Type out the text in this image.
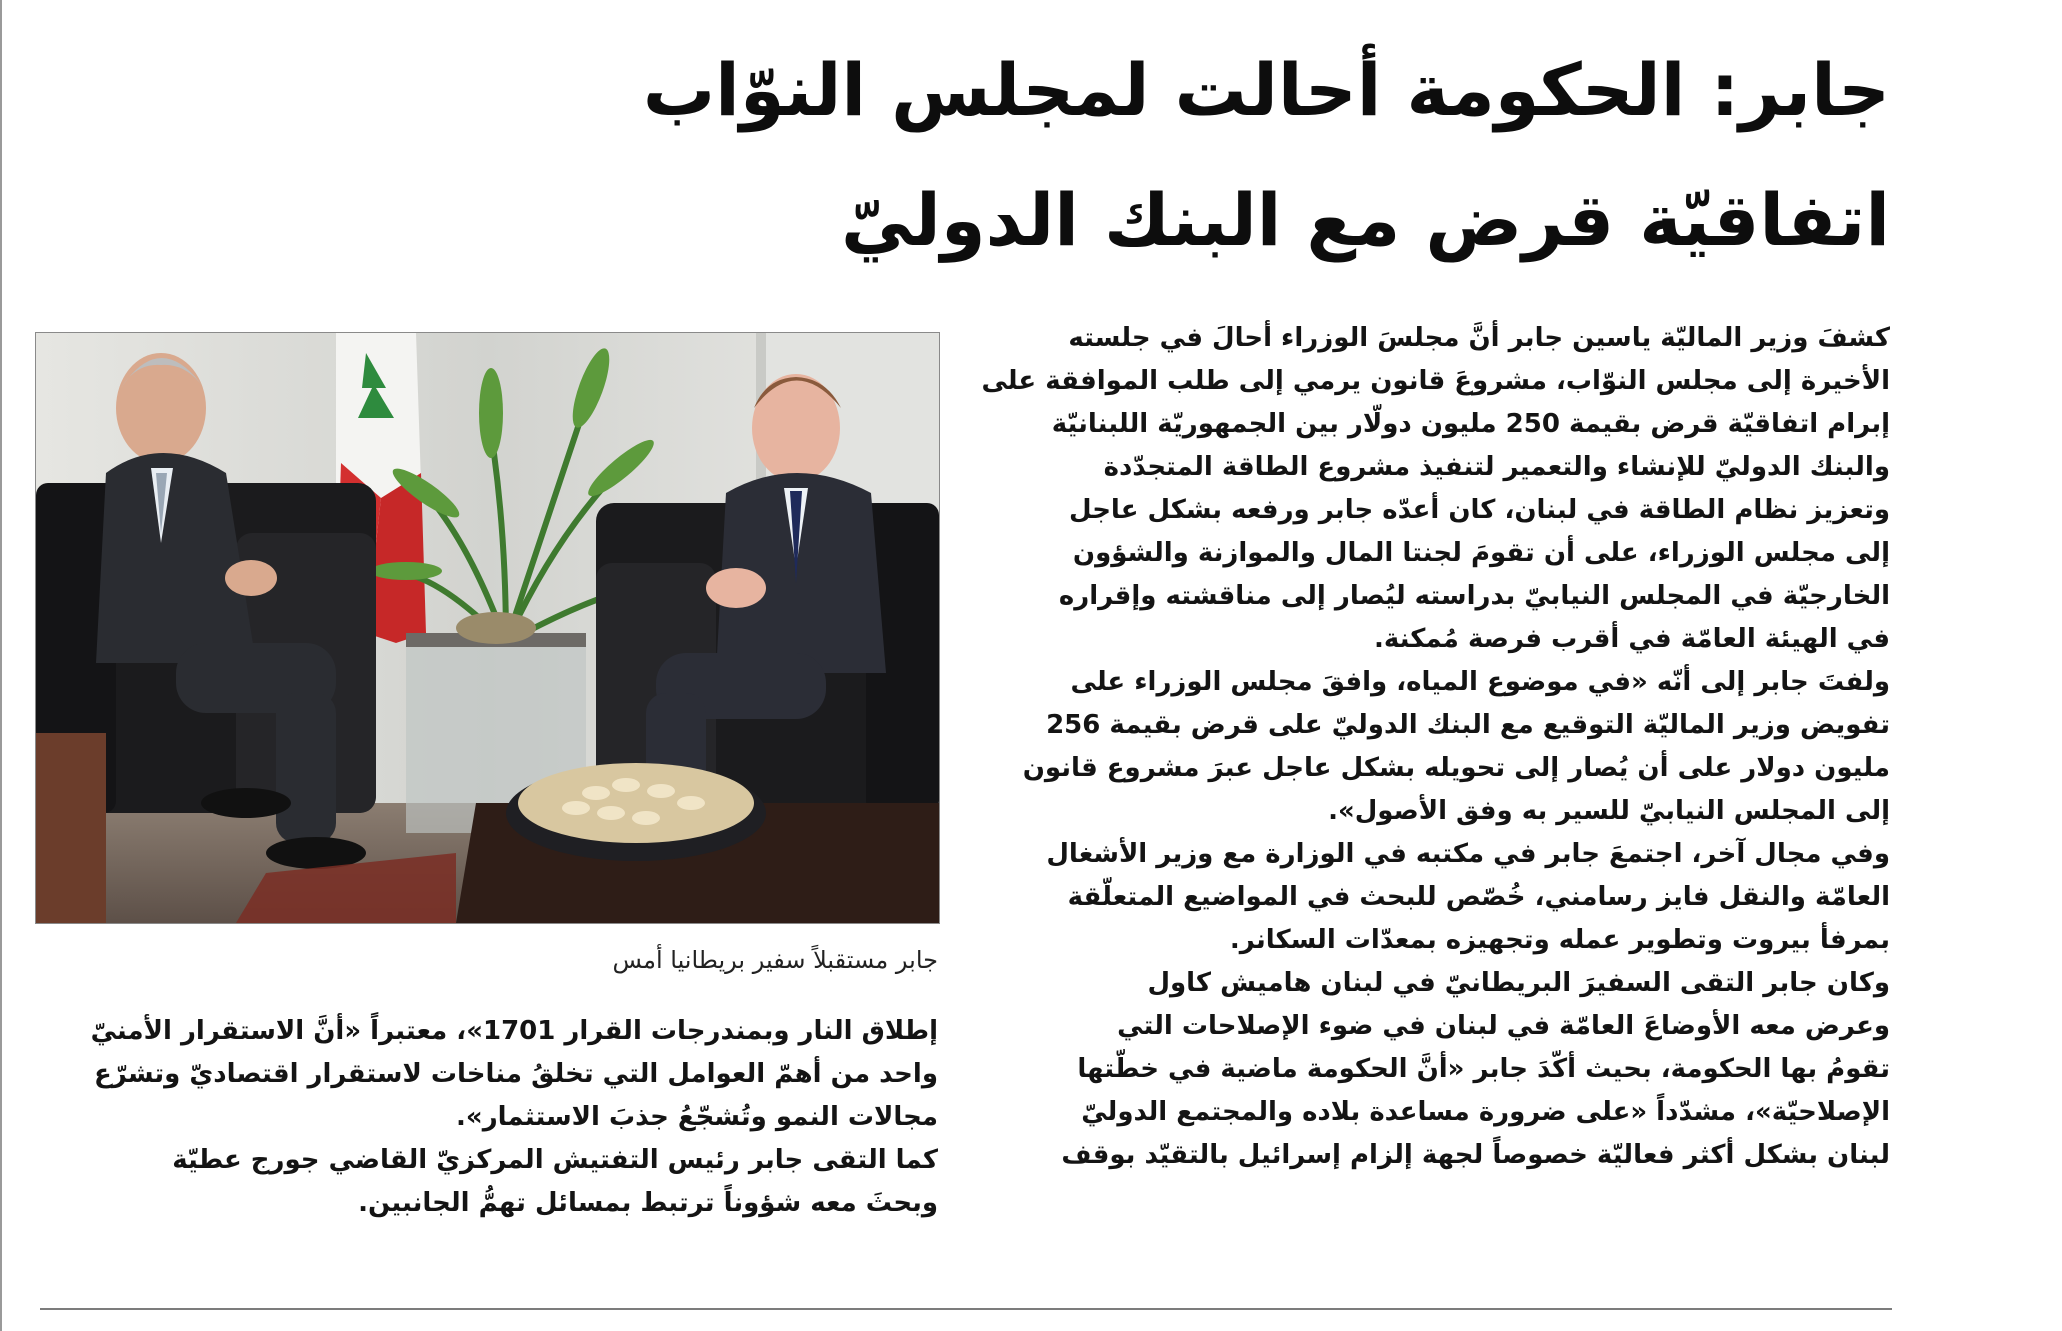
جابر: الحكومة أحالت لمجلس النوّاب
اتفاقيّة قرض مع البنك الدوليّ

كشفَ وزير الماليّة ياسين جابر أنَّ مجلسَ الوزراء أحالَ في جلسته
الأخيرة إلى مجلس النوّاب، مشروعَ قانون يرمي إلى طلب الموافقة على
إبرام اتفاقيّة قرض بقيمة 250 مليون دولّار بين الجمهوريّة اللبنانيّة
والبنك الدوليّ للإنشاء والتعمير لتنفيذ مشروع الطاقة المتجدّدة
وتعزيز نظام الطاقة في لبنان، كان أعدّه جابر ورفعه بشكل عاجل
إلى مجلس الوزراء، على أن تقومَ لجنتا المال والموازنة والشؤون
الخارجيّة في المجلس النيابيّ بدراسته ليُصار إلى مناقشته وإقراره
في الهيئة العامّة في أقرب فرصة مُمكنة.

ولفتَ جابر إلى أنّه «في موضوع المياه، وافقَ مجلس الوزراء على
تفويض وزير الماليّة التوقيع مع البنك الدوليّ على قرض بقيمة 256
مليون دولار على أن يُصار إلى تحويله بشكل عاجل عبرَ مشروع قانون
إلى المجلس النيابيّ للسير به وفق الأصول».

وفي مجال آخر، اجتمعَ جابر في مكتبه في الوزارة مع وزير الأشغال
العامّة والنقل فايز رسامني، خُصّص للبحث في المواضيع المتعلّقة
بمرفأ بيروت وتطوير عمله وتجهيزه بمعدّات السكانر.

وكان جابر التقى السفيرَ البريطانيّ في لبنان هاميش كاول
وعرض معه الأوضاعَ العامّة في لبنان في ضوء الإصلاحات التي
تقومُ بها الحكومة، بحيث أكّدَ جابر «أنَّ الحكومة ماضية في خطّتها
الإصلاحيّة»، مشدّداً «على ضرورة مساعدة بلاده والمجتمع الدوليّ
لبنان بشكل أكثر فعاليّة خصوصاً لجهة إلزام إسرائيل بالتقيّد بوقف

جابر مستقبلاً سفير بريطانيا أمس

إطلاق النار وبمندرجات القرار 1701»، معتبراً «أنَّ الاستقرار الأمنيّ
واحد من أهمّ العوامل التي تخلقُ مناخات لاستقرار اقتصاديّ وتشرّع
مجالات النمو وتُشجّعُ جذبَ الاستثمار».

كما التقى جابر رئيس التفتيش المركزيّ القاضي جورج عطيّة
وبحثَ معه شؤوناً ترتبط بمسائل تهمُّ الجانبين.
